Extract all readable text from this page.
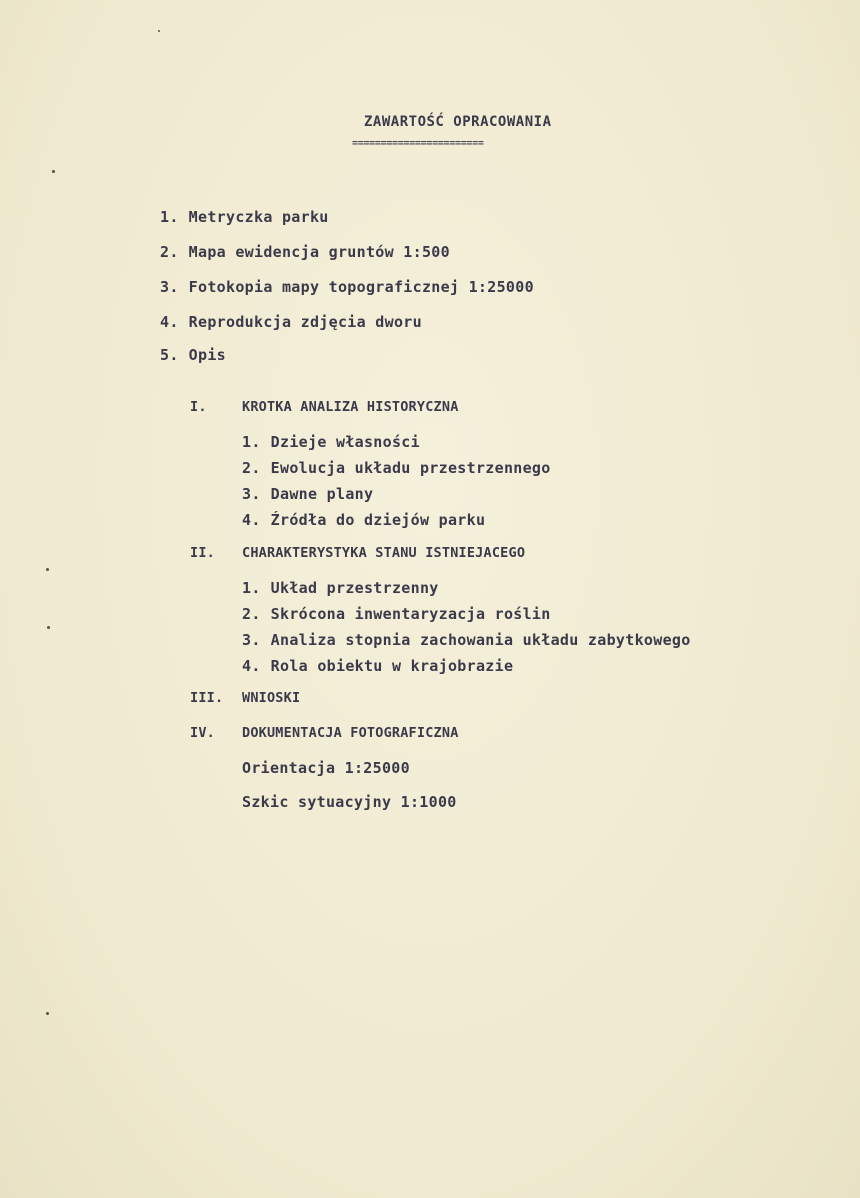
ZAWARTOŚĆ OPRACOWANIA
=======================
1. Metryczka parku
2. Mapa ewidencja gruntów 1:500
3. Fotokopia mapy topograficznej 1:25000
4. Reprodukcja zdjęcia dworu
5. Opis
I.	KROTKA ANALIZA HISTORYCZNA
1. Dzieje własności
2. Ewolucja układu przestrzennego
3. Dawne plany
4. Źródła do dziejów parku
II. CHARAKTERYSTYKA STANU ISTNIEJACEGO
1. Układ przestrzenny
2. Skrócona inwentaryzacja roślin
3. Analiza stopnia zachowania układu zabytkowego
4. Rola obiektu w krajobrazie
III. WNIOSKI
IV. DOKUMENTACJA FOTOGRAFICZNA
Orientacja 1:25000
Szkic sytuacyjny 1:1000
